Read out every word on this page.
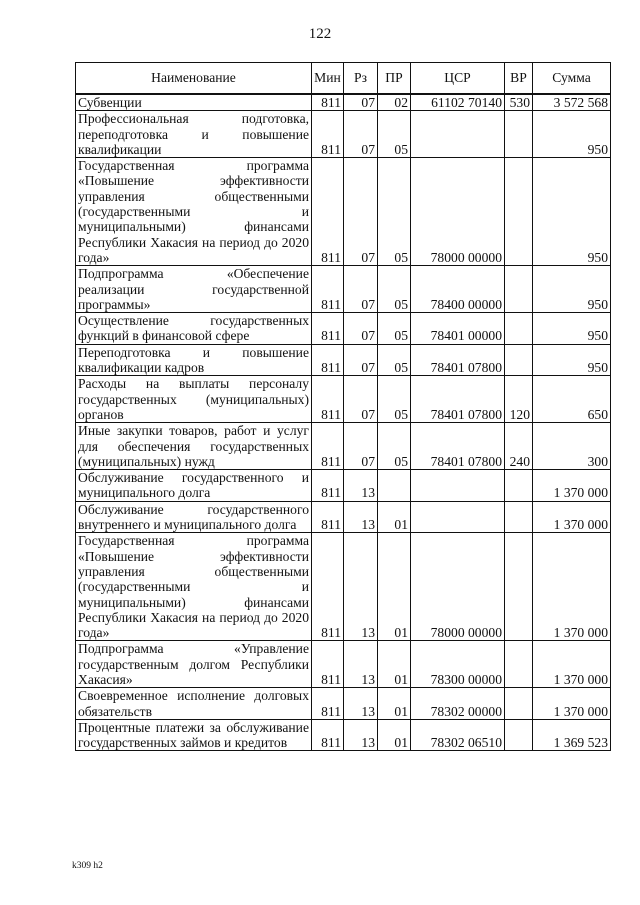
122
Наименование	Мин	Рз	ПР	ЦСР	ВР	Сумма
Субвенции	811	07	02	61102 70140	530	3 572 568
Профессиональная подготовка, переподготовка и повышение квалификации	811	07	05			950
Государственная программа «Повышение эффективности управления общественными (государственными и муниципальными) финансами Республики Хакасия на период до 2020 года»	811	07	05	78000 00000		950
Подпрограмма «Обеспечение реализации государственной программы»	811	07	05	78400 00000		950
Осуществление государственных функций в финансовой сфере	811	07	05	78401 00000		950
Переподготовка и повышение квалификации кадров	811	07	05	78401 07800		950
Расходы на выплаты персоналу государственных (муниципальных) органов	811	07	05	78401 07800	120	650
Иные закупки товаров, работ и услуг для обеспечения государственных (муниципальных) нужд	811	07	05	78401 07800	240	300
Обслуживание государственного и муниципального долга	811	13				1 370 000
Обслуживание государственного внутреннего и муниципального долга	811	13	01			1 370 000
Государственная программа «Повышение эффективности управления общественными (государственными и муниципальными) финансами Республики Хакасия на период до 2020 года»	811	13	01	78000 00000		1 370 000
Подпрограмма «Управление государственным долгом Республики Хакасия»	811	13	01	78300 00000		1 370 000
Своевременное исполнение долговых обязательств	811	13	01	78302 00000		1 370 000
Процентные платежи за обслуживание государственных займов и кредитов	811	13	01	78302 06510		1 369 523
k309 h2
